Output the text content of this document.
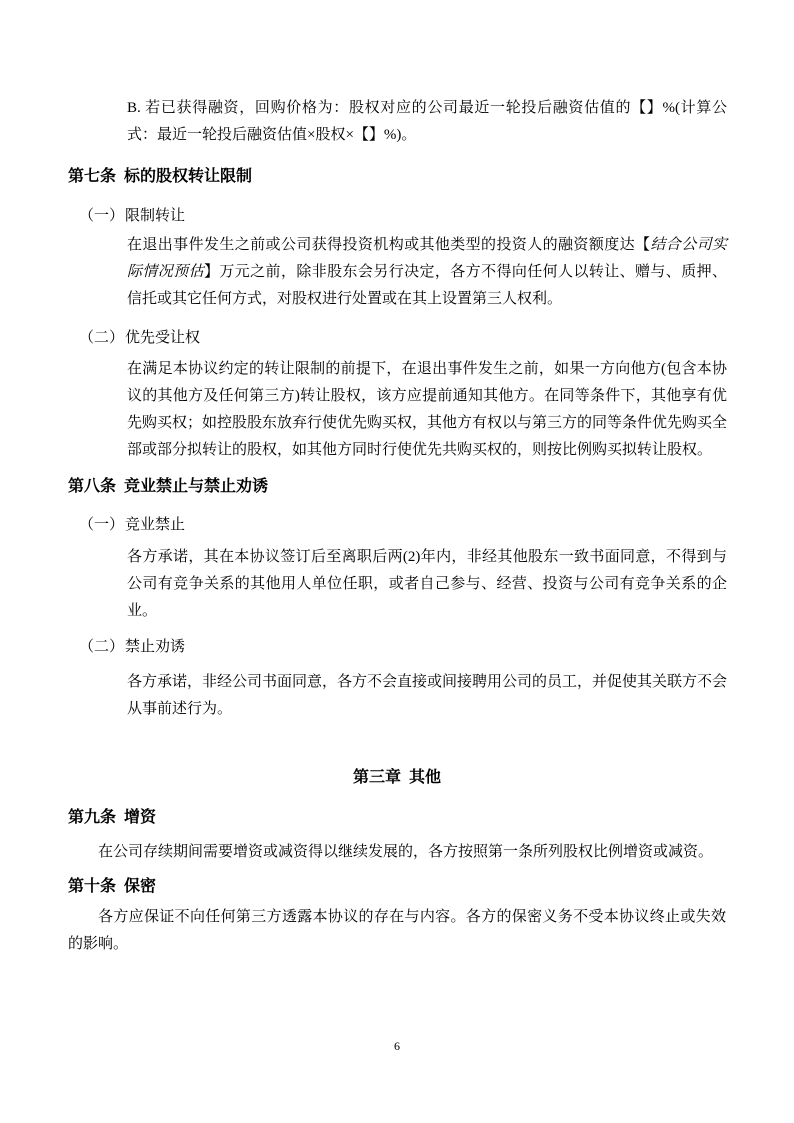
B. 若已获得融资，回购价格为：股权对应的公司最近一轮投后融资估值的【】%(计算公式：最近一轮投后融资估值×股权×【】%)。

第七条 标的股权转让限制
（一）限制转让

在退出事件发生之前或公司获得投资机构或其他类型的投资人的融资额度达【结合公司实际情况预估】万元之前，除非股东会另行决定，各方不得向任何人以转让、赠与、质押、信托或其它任何方式，对股权进行处置或在其上设置第三人权利。

（二）优先受让权

在满足本协议约定的转让限制的前提下，在退出事件发生之前，如果一方向他方(包含本协议的其他方及任何第三方)转让股权，该方应提前通知其他方。在同等条件下，其他享有优先购买权；如控股股东放弃行使优先购买权，其他方有权以与第三方的同等条件优先购买全部或部分拟转让的股权，如其他方同时行使优先共购买权的，则按比例购买拟转让股权。

第八条 竞业禁止与禁止劝诱
（一）竞业禁止

各方承诺，其在本协议签订后至离职后两(2)年内，非经其他股东一致书面同意，不得到与公司有竞争关系的其他用人单位任职，或者自己参与、经营、投资与公司有竞争关系的企业。

（二）禁止劝诱

各方承诺，非经公司书面同意，各方不会直接或间接聘用公司的员工，并促使其关联方不会从事前述行为。

第三章 其他
第九条 增资

在公司存续期间需要增资或减资得以继续发展的，各方按照第一条所列股权比例增资或减资。

第十条 保密

各方应保证不向任何第三方透露本协议的存在与内容。各方的保密义务不受本协议终止或失效的影响。

6
